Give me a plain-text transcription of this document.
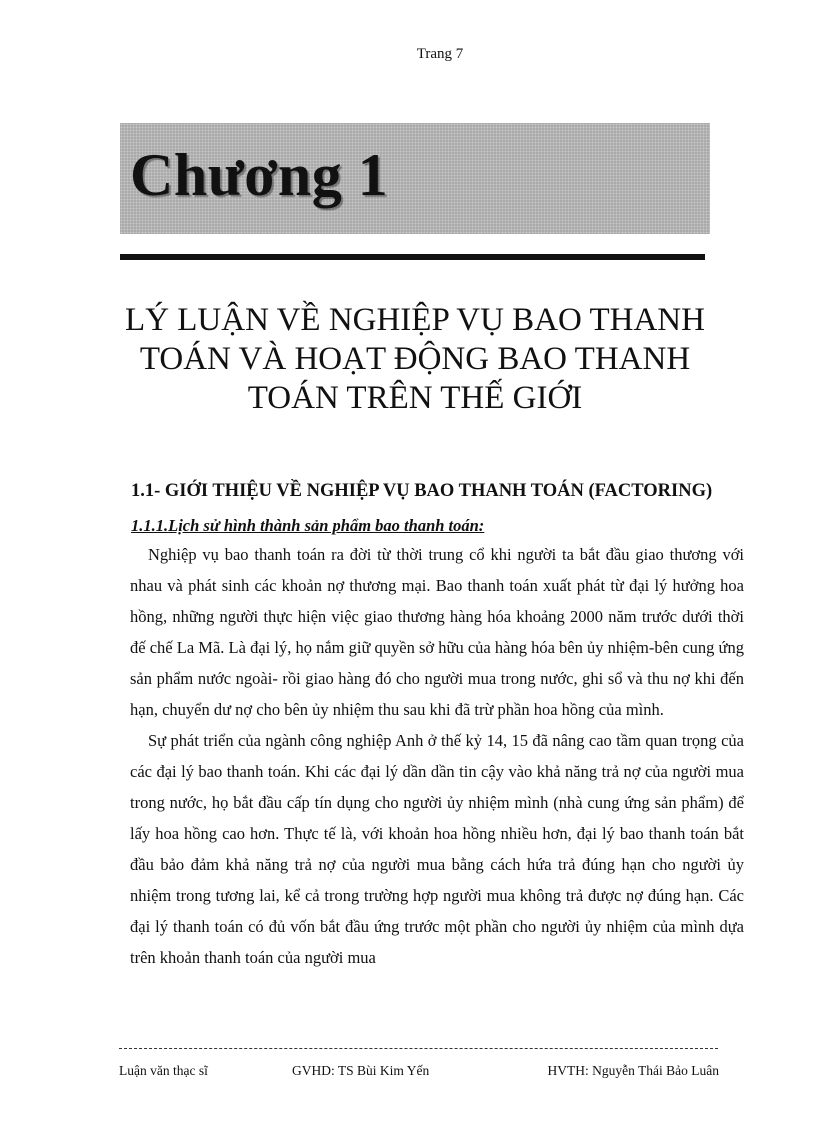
Trang 7
Chương 1
LÝ LUẬN VỀ NGHIỆP VỤ BAO THANH
TOÁN VÀ HOẠT ĐỘNG BAO THANH
TOÁN TRÊN THẾ GIỚI
1.1- GIỚI THIỆU VỀ NGHIỆP VỤ BAO THANH TOÁN (FACTORING)
1.1.1.Lịch sử hình thành sản phẩm bao thanh toán:

Nghiệp vụ bao thanh toán ra đời từ thời trung cổ khi người ta bắt đầu giao thương với nhau và phát sinh các khoản nợ thương mại. Bao thanh toán xuất phát từ đại lý hưởng hoa hồng, những người thực hiện việc giao thương hàng hóa khoảng 2000 năm trước dưới thời đế chế La Mã. Là đại lý, họ nắm giữ quyền sở hữu của hàng hóa bên ủy nhiệm-bên cung ứng sản phẩm nước ngoài- rồi giao hàng đó cho người mua trong nước, ghi sổ và thu nợ khi đến hạn, chuyển dư nợ cho bên ủy nhiệm thu sau khi đã trừ phần hoa hồng của mình.

Sự phát triển của ngành công nghiệp Anh ở thế kỷ 14, 15 đã nâng cao tầm quan trọng của các đại lý bao thanh toán. Khi các đại lý dần dần tin cậy vào khả năng trả nợ của người mua trong nước, họ bắt đầu cấp tín dụng cho người ủy nhiệm mình (nhà cung ứng sản phẩm) để lấy hoa hồng cao hơn. Thực tế là, với khoản hoa hồng nhiều hơn, đại lý bao thanh toán bắt đầu bảo đảm khả năng trả nợ của người mua bằng cách hứa trả đúng hạn cho người ủy nhiệm trong tương lai, kể cả trong trường hợp người mua không trả được nợ đúng hạn. Các đại lý thanh toán có đủ vốn bắt đầu ứng trước một phần cho người ủy nhiệm của mình dựa trên khoản thanh toán của người mua

Luận văn thạc sĩ	GVHD: TS Bùi Kim Yến	HVTH: Nguyễn Thái Bảo Luân
